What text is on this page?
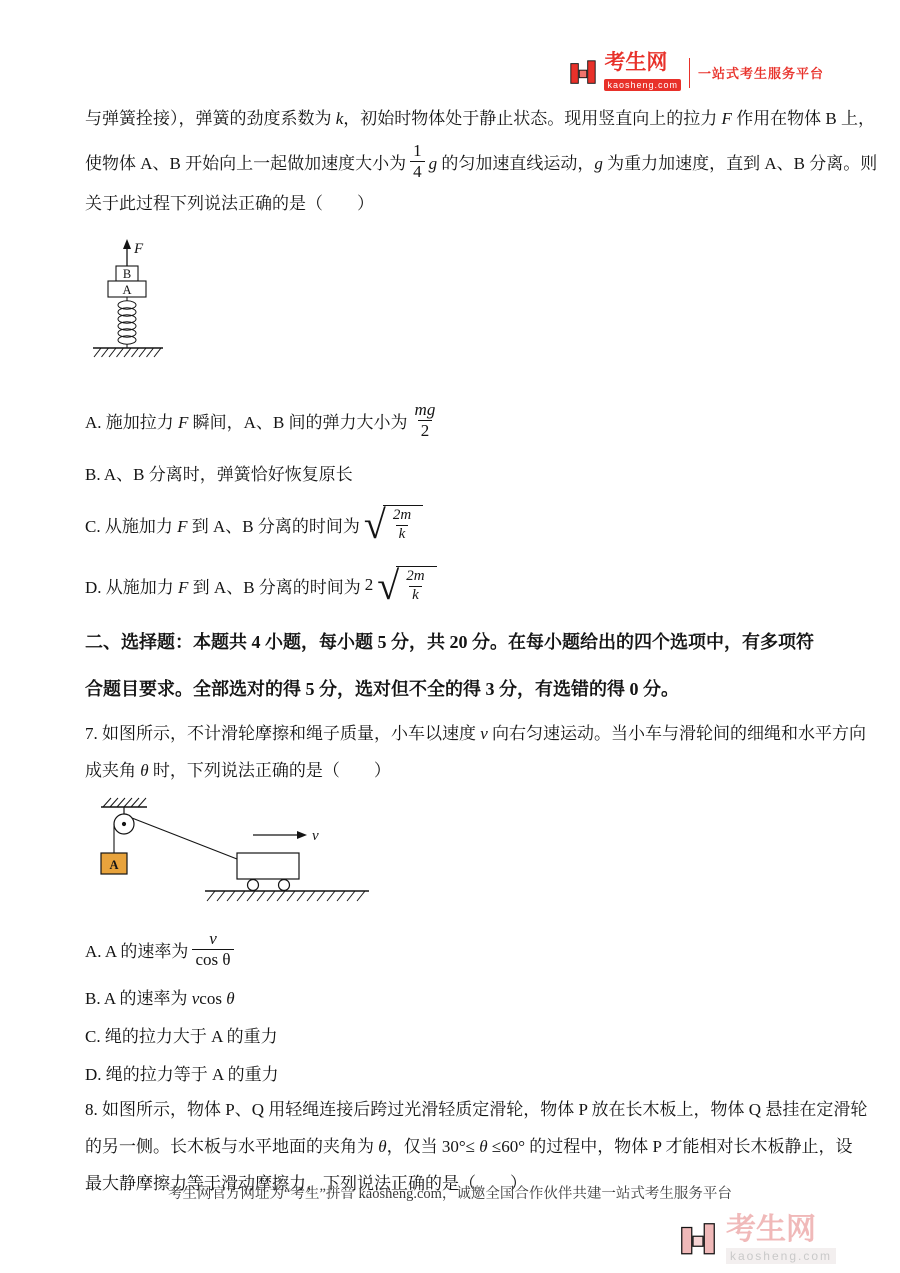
考生网
kaosheng.com
一站式考生服务平台

与弹簧拴接），弹簧的劲度系数为 k，初始时物体处于静止状态。现用竖直向上的拉力 F 作用在物体 B 上，

使物体 A、B 开始向上一起做加速度大小为 $\frac{1}{4}$ g 的匀加速直线运动，g 为重力加速度，直到 A、B 分离。则

关于此过程下列说法正确的是（　　）

F
B
A
A. 施加拉力 F 瞬间，A、B 间的弹力大小为 $\frac{mg}{2}$
B. A、B 分离时，弹簧恰好恢复原长
C. 从施加力 F 到 A、B 分离的时间为 √ $\frac{2m}{k}$
D. 从施加力 F 到 A、B 分离的时间为 2 √ $\frac{2m}{k}$

二、选择题：本题共 4 小题，每小题 5 分，共 20 分。在每小题给出的四个选项中，有多项符

合题目要求。全部选对的得 5 分，选对但不全的得 3 分，有选错的得 0 分。

7. 如图所示，不计滑轮摩擦和绳子质量，小车以速度 v 向右匀速运动。当小车与滑轮间的细绳和水平方向

成夹角 θ 时，下列说法正确的是（　　）

A
v
A. A 的速率为 $\frac{v}{\text{cos θ}}$
B. A 的速率为 vcos θ
C. 绳的拉力大于 A 的重力
D. 绳的拉力等于 A 的重力

8. 如图所示，物体 P、Q 用轻绳连接后跨过光滑轻质定滑轮，物体 P 放在长木板上，物体 Q 悬挂在定滑轮

的另一侧。长木板与水平地面的夹角为 θ，仅当 30°≤ θ ≤60° 的过程中，物体 P 才能相对长木板静止，设

最大静摩擦力等于滑动摩擦力，下列说法正确的是（　　）

考生网官方网址为“考生”拼音 kaosheng.com，诚邀全国合作伙伴共建一站式考生服务平台
考生网
kaosheng.com
